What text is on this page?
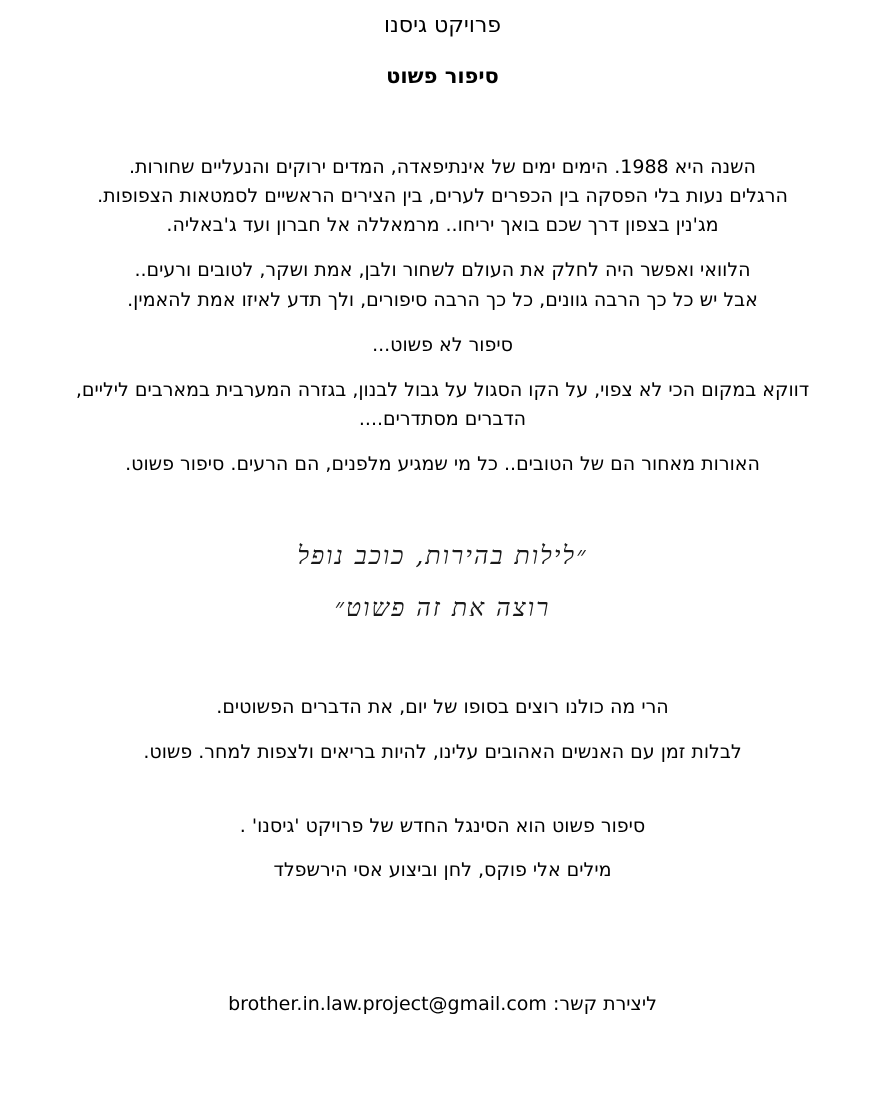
פרויקט גיסנו
סיפור פשוט
השנה היא 1988. הימים ימים של אינתיפאדה, המדים ירוקים והנעליים שחורות.
הרגלים נעות בלי הפסקה בין הכפרים לערים, בין הצירים הראשיים לסמטאות הצפופות.
מג'נין בצפון דרך שכם בואך יריחו.. מרמאללה אל חברון ועד ג'באליה.
הלוואי ואפשר היה לחלק את העולם לשחור ולבן, אמת ושקר, לטובים ורעים..
אבל יש כל כך הרבה גוונים, כל כך הרבה סיפורים, ולך תדע לאיזו אמת להאמין.
סיפור לא פשוט...
דווקא במקום הכי לא צפוי, על הקו הסגול על גבול לבנון, בגזרה המערבית במארבים ליליים,
הדברים מסתדרים....
האורות מאחור הם של הטובים.. כל מי שמגיע מלפנים, הם הרעים. סיפור פשוט.
״לילות בהירות, כוכב נופל
רוצה את זה פשוט״
הרי מה כולנו רוצים בסופו של יום, את הדברים הפשוטים.
לבלות זמן עם האנשים האהובים עלינו, להיות בריאים ולצפות למחר. פשוט.
סיפור פשוט הוא הסינגל החדש של פרויקט 'גיסנו' .
מילים אלי פוקס, לחן וביצוע אסי הירשפלד
ליצירת קשר: brother.in.law.project@gmail.com
